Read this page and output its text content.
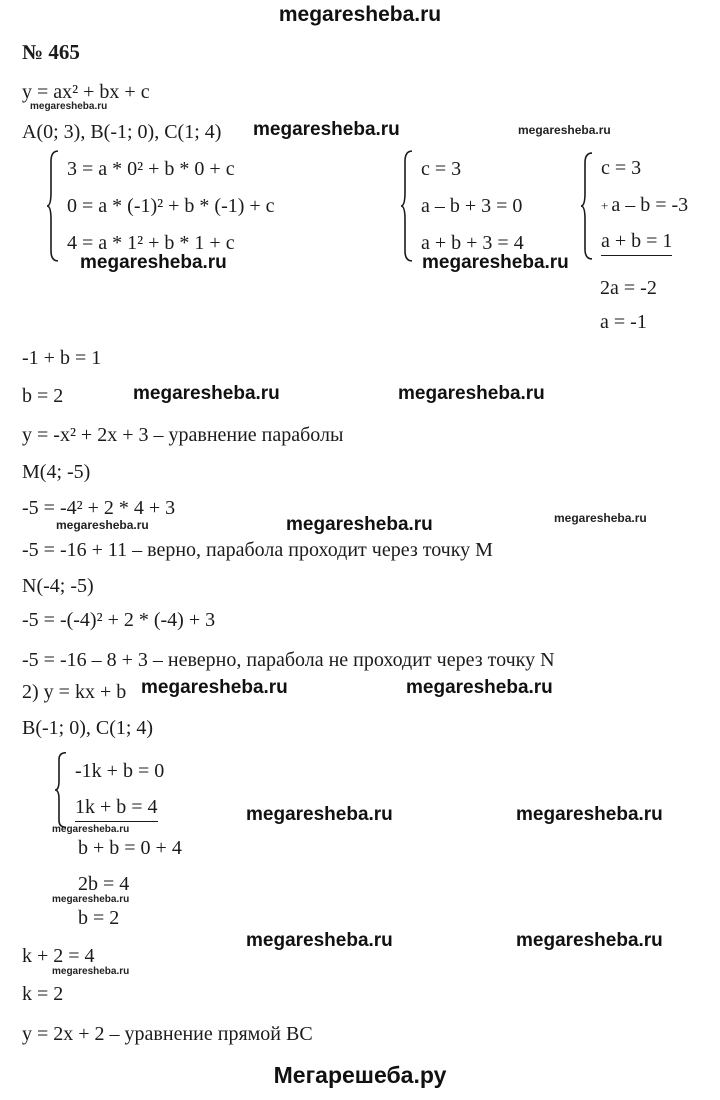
megaresheba.ru
№ 465
y = ax² + bx + c
megaresheba.ru
A(0; 3), B(-1; 0), C(1; 4) megaresheba.ru	megaresheba.ru
3 = a * 0² + b * 0 + c
0 = a * (-1)² + b * (-1) + c
4 = a * 1² + b * 1 + c
megaresheba.ru
c = 3
a – b + 3 = 0
a + b + 3 = 4
megaresheba.ru
c = 3
+ a – b = -3
a + b = 1
2a = -2
a = -1
-1 + b = 1
b = 2	megaresheba.ru	megaresheba.ru
y = -x² + 2x + 3 – уравнение параболы
M(4; -5)
-5 = -4² + 2 * 4 + 3
megaresheba.ru	megaresheba.ru	megaresheba.ru
-5 = -16 + 11 – верно, парабола проходит через точку M
N(-4; -5)
-5 = -(-4)² + 2 * (-4) + 3
-5 = -16 – 8 + 3 – неверно, парабола не проходит через точку N
2) y = kx + b megaresheba.ru	megaresheba.ru
B(-1; 0), C(1; 4)
-1k + b = 0
1k + b = 4
megaresheba.ru
megaresheba.ru	megaresheba.ru
b + b = 0 + 4
2b = 4
megaresheba.ru
b = 2
megaresheba.ru	megaresheba.ru
k + 2 = 4
megaresheba.ru
k = 2
y = 2x + 2 – уравнение прямой BC
Мегарешеба.ру
